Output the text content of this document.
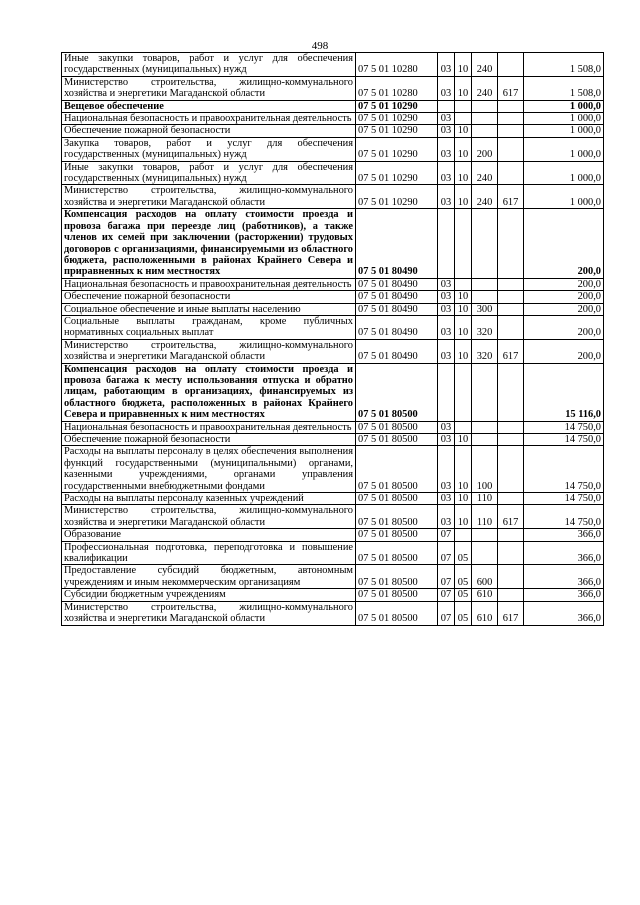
498
Иные закупки товаров, работ и услуг для обеспечения государственных (муниципальных) нужд	07 5 01 10280	03	10	240		1 508,0
Министерство строительства, жилищно-коммунального хозяйства и энергетики Магаданской области	07 5 01 10280	03	10	240	617	1 508,0
Вещевое обеспечение	07 5 01 10290					1 000,0
Национальная безопасность и правоохранительная деятельность	07 5 01 10290	03				1 000,0
Обеспечение пожарной безопасности	07 5 01 10290	03	10			1 000,0
Закупка товаров, работ и услуг для обеспечения государственных (муниципальных) нужд	07 5 01 10290	03	10	200		1 000,0
Иные закупки товаров, работ и услуг для обеспечения государственных (муниципальных) нужд	07 5 01 10290	03	10	240		1 000,0
Министерство строительства, жилищно-коммунального хозяйства и энергетики Магаданской области	07 5 01 10290	03	10	240	617	1 000,0
Компенсация расходов на оплату стоимости проезда и провоза багажа при переезде лиц (работников), а также членов их семей при заключении (расторжении) трудовых договоров с организациями, финансируемыми из областного бюджета, расположенными в районах Крайнего Севера и приравненных к ним местностях	07 5 01 80490					200,0
Национальная безопасность и правоохранительная деятельность	07 5 01 80490	03				200,0
Обеспечение пожарной безопасности	07 5 01 80490	03	10			200,0
Социальное обеспечение и иные выплаты населению	07 5 01 80490	03	10	300		200,0
Социальные выплаты гражданам, кроме публичных нормативных социальных выплат	07 5 01 80490	03	10	320		200,0
Министерство строительства, жилищно-коммунального хозяйства и энергетики Магаданской области	07 5 01 80490	03	10	320	617	200,0
Компенсация расходов на оплату стоимости проезда и провоза багажа к месту использования отпуска и обратно лицам, работающим в организациях, финансируемых из областного бюджета, расположенных в районах Крайнего Севера и приравненных к ним местностях	07 5 01 80500					15 116,0
Национальная безопасность и правоохранительная деятельность	07 5 01 80500	03				14 750,0
Обеспечение пожарной безопасности	07 5 01 80500	03	10			14 750,0
Расходы на выплаты персоналу в целях обеспечения выполнения функций государственными (муниципальными) органами, казенными учреждениями, органами управления государственными внебюджетными фондами	07 5 01 80500	03	10	100		14 750,0
Расходы на выплаты персоналу казенных учреждений	07 5 01 80500	03	10	110		14 750,0
Министерство строительства, жилищно-коммунального хозяйства и энергетики Магаданской области	07 5 01 80500	03	10	110	617	14 750,0
Образование	07 5 01 80500	07				366,0
Профессиональная подготовка, переподготовка и повышение квалификации	07 5 01 80500	07	05			366,0
Предоставление субсидий бюджетным, автономным учреждениям и иным некоммерческим организациям	07 5 01 80500	07	05	600		366,0
Субсидии бюджетным учреждениям	07 5 01 80500	07	05	610		366,0
Министерство строительства, жилищно-коммунального хозяйства и энергетики Магаданской области	07 5 01 80500	07	05	610	617	366,0
